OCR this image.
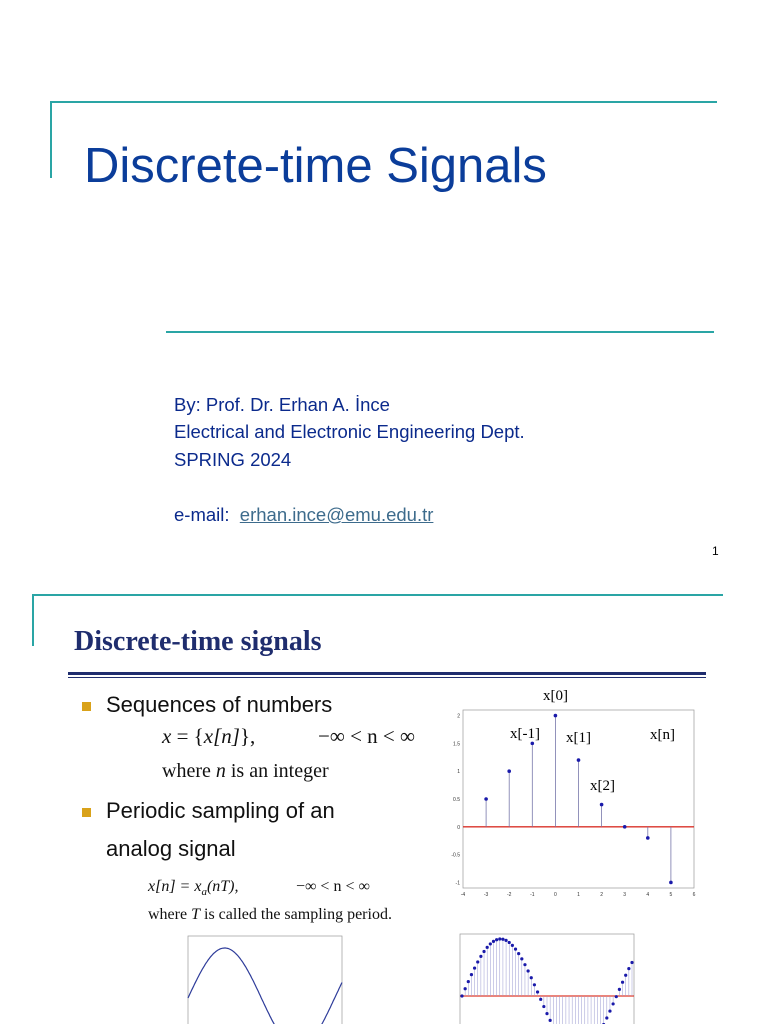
Discrete-time Signals
By: Prof. Dr. Erhan A. İnce
Electrical and Electronic Engineering Dept.
SPRING 2024
e-mail: erhan.ince@emu.edu.tr
1
Discrete-time signals
Sequences of numbers
x = {x[n]},	−∞ < n < ∞
where n is an integer
Periodic sampling of an
analog signal
$x[n] = x_a(nT)$,	−∞ < n < ∞
where T is called the sampling period.
2
1.5
1
0.5
0
-0.5
-1
-4	-3	-2	-1	0	1	2	3	4	5	6
x[0]
x[-1] x[1]	x[n]
x[2]
